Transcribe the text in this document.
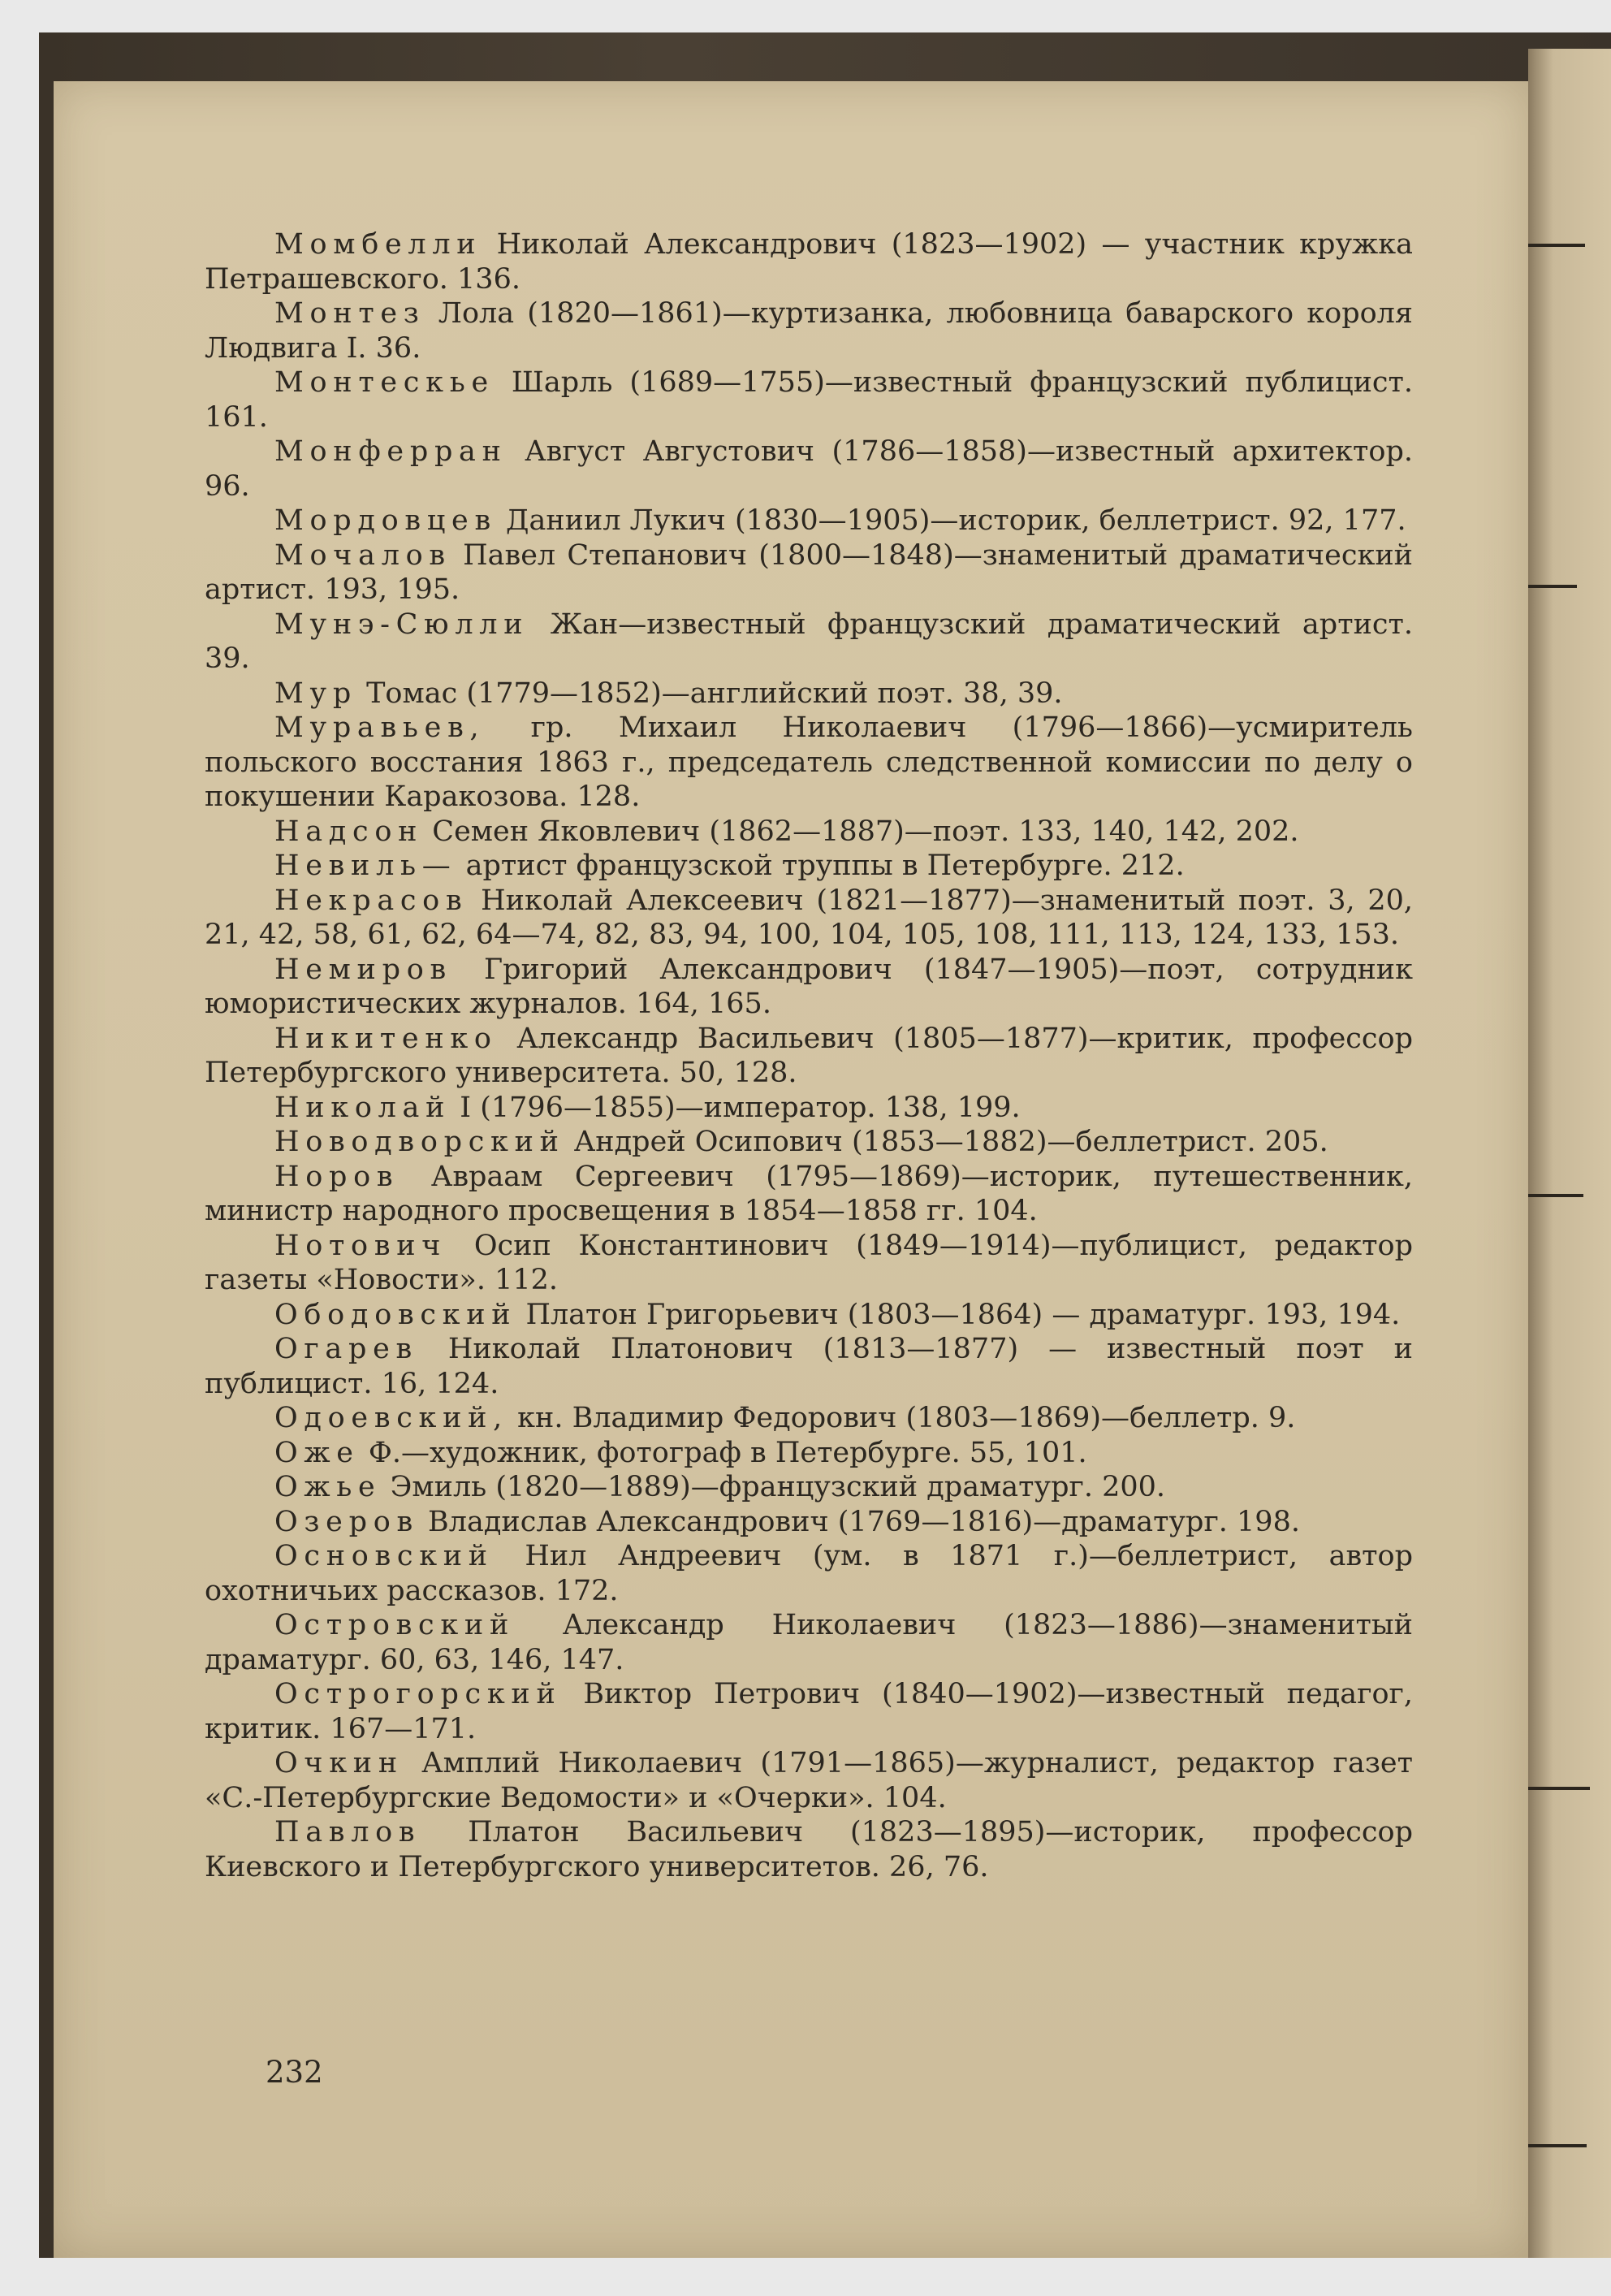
Момбелли Николай Александрович (1823—1902) — участник кружка Петрашевского. 136.

Монтез Лола (1820—1861)—куртизанка, любовница баварского короля Людвига I. 36.

Монтескье Шарль (1689—1755)—известный французский публицист. 161.

Монферран Август Августович (1786—1858)—известный архитектор. 96.

Мордовцев Даниил Лукич (1830—1905)—историк, беллетрист. 92, 177.

Мочалов Павел Степанович (1800—1848)—знаменитый драматический артист. 193, 195.

Мунэ-Сюлли Жан—известный французский драматический артист. 39.

Мур Томас (1779—1852)—английский поэт. 38, 39.

Муравьев, гр. Михаил Николаевич (1796—1866)—усмиритель польского восстания 1863 г., председатель следственной комиссии по делу о покушении Каракозова. 128.

Надсон Семен Яковлевич (1862—1887)—поэт. 133, 140, 142, 202.

Невиль— артист французской труппы в Петербурге. 212.

Некрасов Николай Алексеевич (1821—1877)—знаменитый поэт. 3, 20, 21, 42, 58, 61, 62, 64—74, 82, 83, 94, 100, 104, 105, 108, 111, 113, 124, 133, 153.

Немиров Григорий Александрович (1847—1905)—поэт, сотрудник юмористических журналов. 164, 165.

Никитенко Александр Васильевич (1805—1877)—критик, профессор Петербургского университета. 50, 128.

Николай I (1796—1855)—император. 138, 199.

Новодворский Андрей Осипович (1853—1882)—беллетрист. 205.

Норов Авраам Сергеевич (1795—1869)—историк, путешественник, министр народного просвещения в 1854—1858 гг. 104.

Нотович Осип Константинович (1849—1914)—публицист, редактор газеты «Новости». 112.

Ободовский Платон Григорьевич (1803—1864) — драматург. 193, 194.

Огарев Николай Платонович (1813—1877) — известный поэт и публицист. 16, 124.

Одоевский, кн. Владимир Федорович (1803—1869)—беллетр. 9.

Ожe Ф.—художник, фотограф в Петербурге. 55, 101.

Ожье Эмиль (1820—1889)—французский драматург. 200.

Озеров Владислав Александрович (1769—1816)—драматург. 198.

Основский Нил Андреевич (ум. в 1871 г.)—беллетрист, автор охотничьих рассказов. 172.

Островский Александр Николаевич (1823—1886)—знаменитый драматург. 60, 63, 146, 147.

Острогорский Виктор Петрович (1840—1902)—известный педагог, критик. 167—171.

Очкин Амплий Николаевич (1791—1865)—журналист, редактор газет «С.-Петербургские Ведомости» и «Очерки». 104.

Павлов Платон Васильевич (1823—1895)—историк, профессор Киевского и Петербургского университетов. 26, 76.

232
